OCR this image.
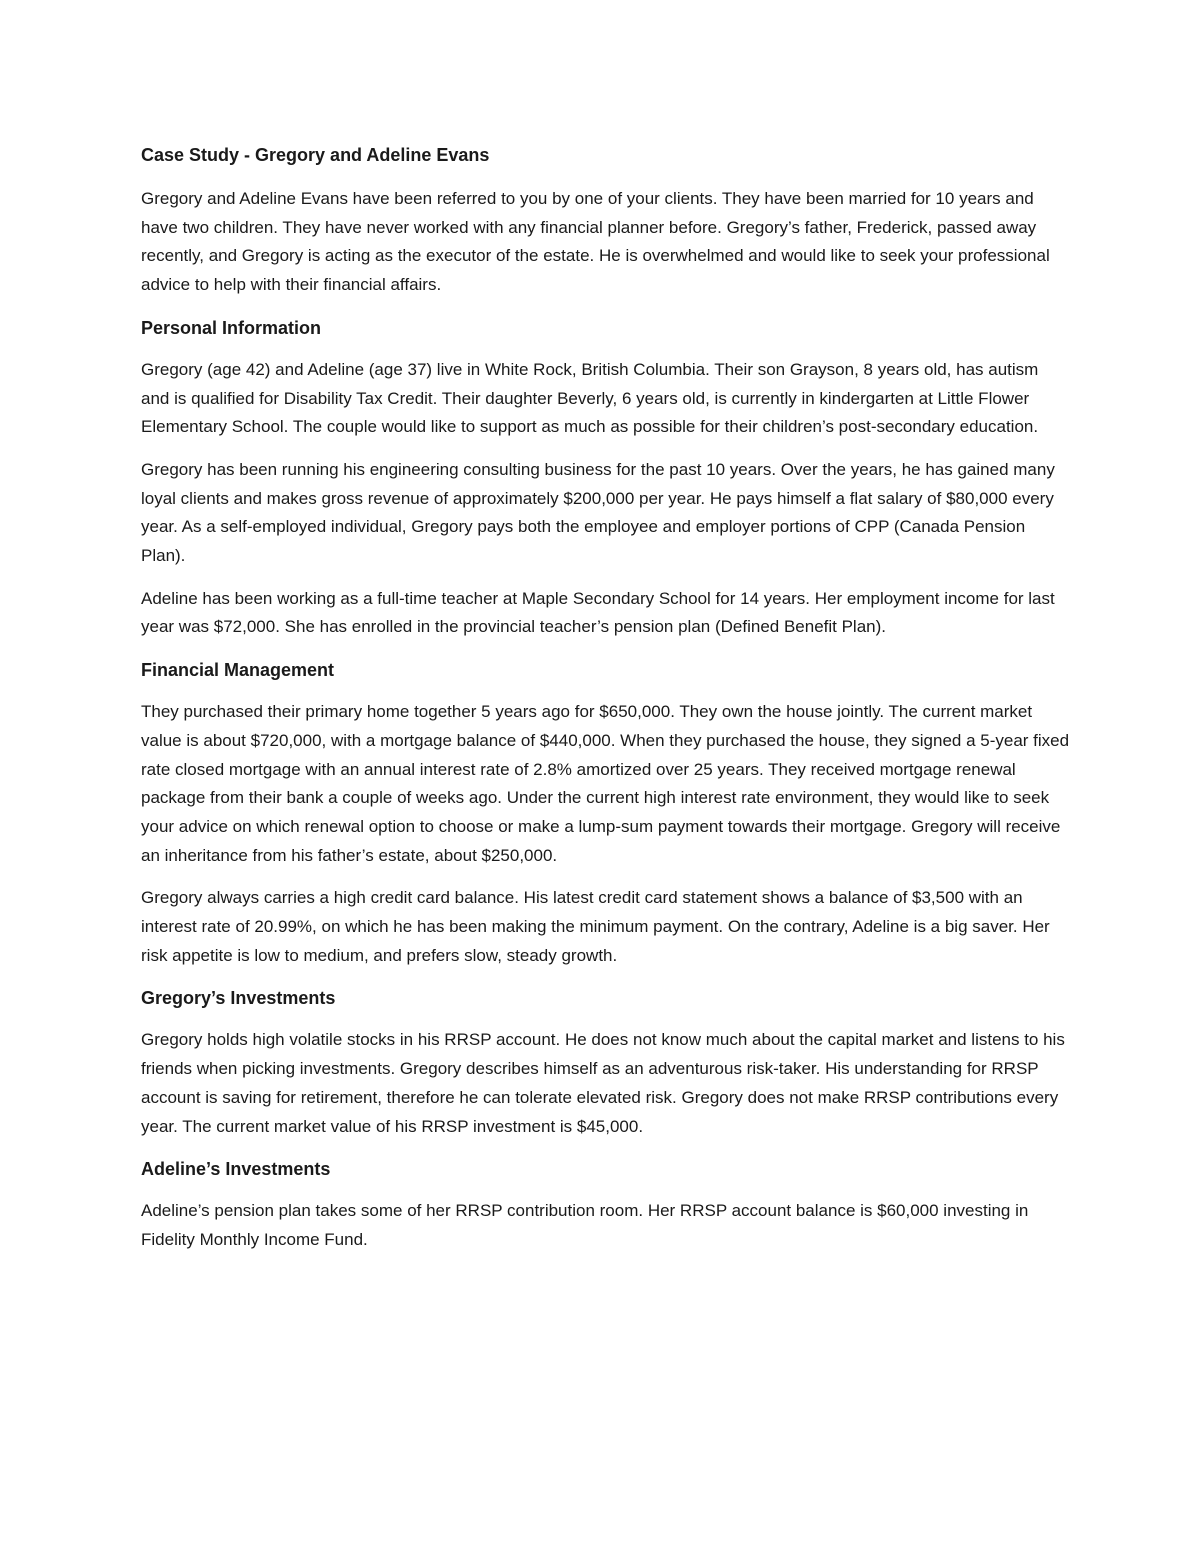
Case Study - Gregory and Adeline Evans

Gregory and Adeline Evans have been referred to you by one of your clients. They have been married for 10 years and have two children. They have never worked with any financial planner before. Gregory’s father, Frederick, passed away recently, and Gregory is acting as the executor of the estate. He is overwhelmed and would like to seek your professional advice to help with their financial affairs.

Personal Information

Gregory (age 42) and Adeline (age 37) live in White Rock, British Columbia. Their son Grayson, 8 years old, has autism and is qualified for Disability Tax Credit. Their daughter Beverly, 6 years old, is currently in kindergarten at Little Flower Elementary School. The couple would like to support as much as possible for their children’s post-secondary education.

Gregory has been running his engineering consulting business for the past 10 years. Over the years, he has gained many loyal clients and makes gross revenue of approximately $200,000 per year. He pays himself a flat salary of $80,000 every year. As a self-employed individual, Gregory pays both the employee and employer portions of CPP (Canada Pension Plan).

Adeline has been working as a full-time teacher at Maple Secondary School for 14 years. Her employment income for last year was $72,000. She has enrolled in the provincial teacher’s pension plan (Defined Benefit Plan).

Financial Management

They purchased their primary home together 5 years ago for $650,000. They own the house jointly. The current market value is about $720,000, with a mortgage balance of $440,000. When they purchased the house, they signed a 5-year fixed rate closed mortgage with an annual interest rate of 2.8% amortized over 25 years. They received mortgage renewal package from their bank a couple of weeks ago. Under the current high interest rate environment, they would like to seek your advice on which renewal option to choose or make a lump-sum payment towards their mortgage. Gregory will receive an inheritance from his father’s estate, about $250,000.

Gregory always carries a high credit card balance. His latest credit card statement shows a balance of $3,500 with an interest rate of 20.99%, on which he has been making the minimum payment. On the contrary, Adeline is a big saver. Her risk appetite is low to medium, and prefers slow, steady growth.

Gregory’s Investments

Gregory holds high volatile stocks in his RRSP account. He does not know much about the capital market and listens to his friends when picking investments. Gregory describes himself as an adventurous risk-taker. His understanding for RRSP account is saving for retirement, therefore he can tolerate elevated risk. Gregory does not make RRSP contributions every year. The current market value of his RRSP investment is $45,000.

Adeline’s Investments

Adeline’s pension plan takes some of her RRSP contribution room. Her RRSP account balance is $60,000 investing in Fidelity Monthly Income Fund.
